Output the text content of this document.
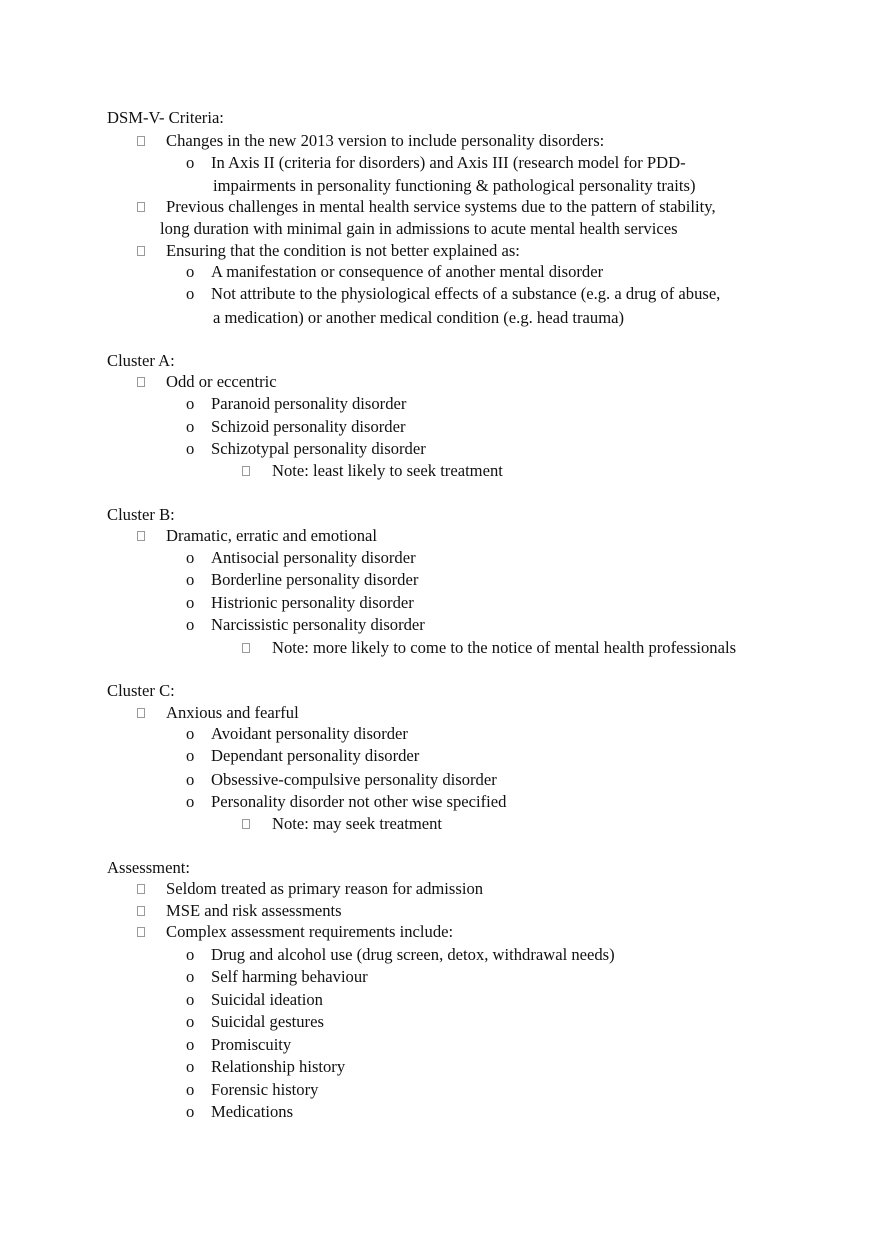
DSM-V- Criteria:
Changes in the new 2013 version to include personality disorders:
o In Axis II (criteria for disorders) and Axis III (research model for PDD-
impairments in personality functioning & pathological personality traits)
Previous challenges in mental health service systems due to the pattern of stability,
long duration with minimal gain in admissions to acute mental health services
Ensuring that the condition is not better explained as:
o A manifestation or consequence of another mental disorder
o Not attribute to the physiological effects of a substance (e.g. a drug of abuse,
a medication) or another medical condition (e.g. head trauma)
Cluster A:
Odd or eccentric
o Paranoid personality disorder
o Schizoid personality disorder
o Schizotypal personality disorder
Note: least likely to seek treatment
Cluster B:
Dramatic, erratic and emotional
o Antisocial personality disorder
o Borderline personality disorder
o Histrionic personality disorder
o Narcissistic personality disorder
Note: more likely to come to the notice of mental health professionals
Cluster C:
Anxious and fearful
o Avoidant personality disorder
o Dependant personality disorder
o Obsessive-compulsive personality disorder
o Personality disorder not other wise specified
Note: may seek treatment
Assessment:
Seldom treated as primary reason for admission
MSE and risk assessments
Complex assessment requirements include:
o Drug and alcohol use (drug screen, detox, withdrawal needs)
o Self harming behaviour
o Suicidal ideation
o Suicidal gestures
o Promiscuity
o Relationship history
o Forensic history
o Medications
